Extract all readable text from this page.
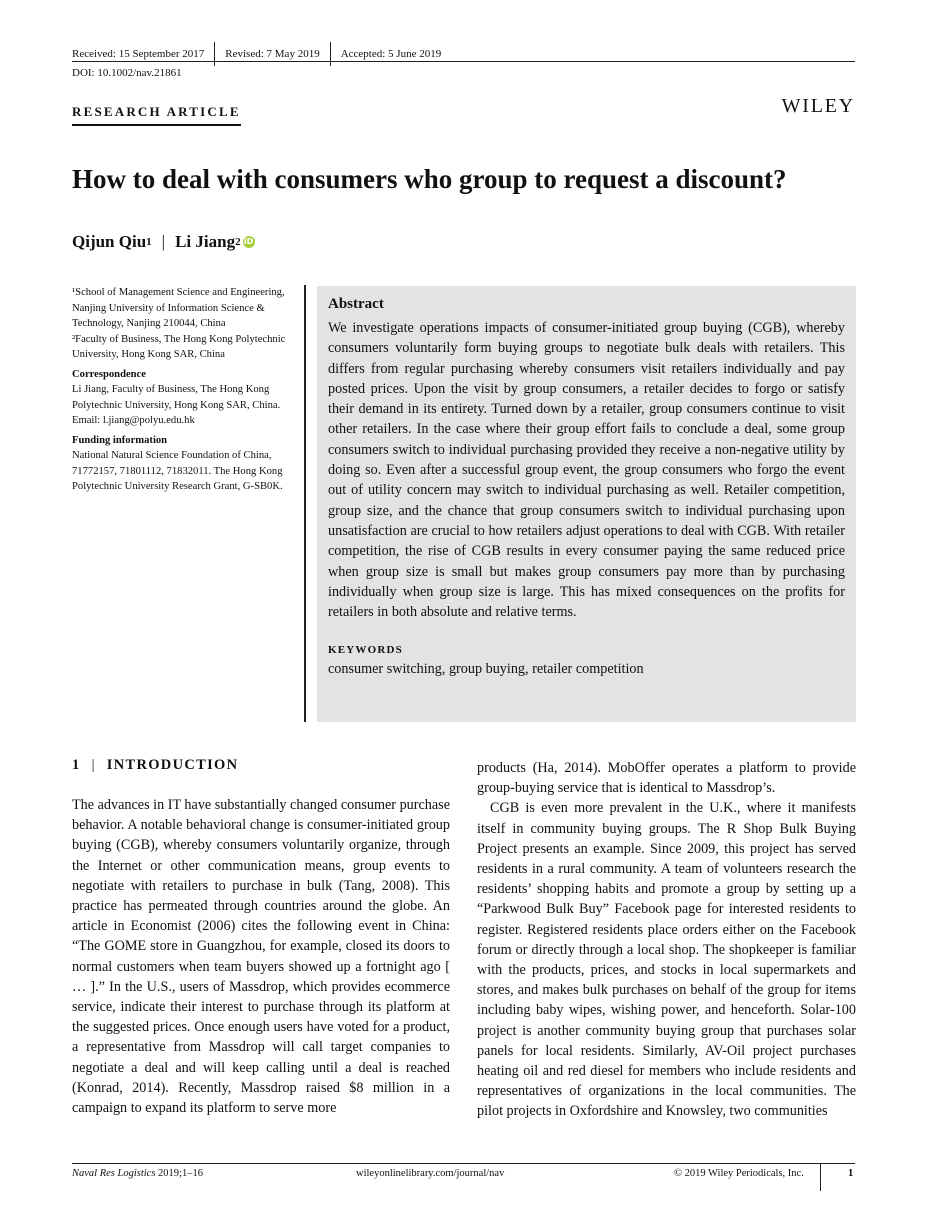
Received: 15 September 2017	Revised: 7 May 2019	Accepted: 5 June 2019
DOI: 10.1002/nav.21861
RESEARCH ARTICLE	WILEY
How to deal with consumers who group to request a discount?
Qijun Qiu 1 | Li Jiang 2 iD

¹School of Management Science and Engineering, Nanjing University of Information Science & Technology, Nanjing 210044, China

²Faculty of Business, The Hong Kong Polytechnic University, Hong Kong SAR, China

Correspondence

Li Jiang, Faculty of Business, The Hong Kong Polytechnic University, Hong Kong SAR, China.

Email: l.jiang@polyu.edu.hk

Funding information

National Natural Science Foundation of China, 71772157, 71801112, 71832011. The Hong Kong Polytechnic University Research Grant, G-SB0K.

Abstract

We investigate operations impacts of consumer-initiated group buying (CGB), whereby consumers voluntarily form buying groups to negotiate bulk deals with retailers. This differs from regular purchasing whereby consumers visit retailers individually and pay posted prices. Upon the visit by group consumers, a retailer decides to forgo or satisfy their demand in its entirety. Turned down by a retailer, group consumers continue to visit other retailers. In the case where their group effort fails to conclude a deal, some group consumers switch to individual purchasing provided they receive a non-negative utility by doing so. Even after a successful group event, the group consumers who forgo the event out of utility concern may switch to individual purchasing as well. Retailer competition, group size, and the chance that group consumers switch to individual purchasing upon unsatisfaction are crucial to how retailers adjust operations to deal with CGB. With retailer competition, the rise of CGB results in every consumer paying the same reduced price when group size is small but makes group consumers pay more than by purchasing individually when group size is large. This has mixed consequences on the profits for retailers in both absolute and relative terms.

KEYWORDS

consumer switching, group buying, retailer competition

1 | INTRODUCTION

The advances in IT have substantially changed consumer purchase behavior. A notable behavioral change is consumer-initiated group buying (CGB), whereby consumers voluntarily organize, through the Internet or other communication means, group events to negotiate with retailers to purchase in bulk (Tang, 2008). This practice has permeated through countries around the globe. An article in Economist (2006) cites the following event in China: “The GOME store in Guangzhou, for example, closed its doors to normal customers when team buyers showed up a fortnight ago [ … ].” In the U.S., users of Massdrop, which provides ecommerce service, indicate their interest to purchase through its platform at the suggested prices. Once enough users have voted for a product, a representative from Massdrop will call target companies to negotiate a deal and will keep calling until a deal is reached (Konrad, 2014). Recently, Massdrop raised $8 million in a campaign to expand its platform to serve more

products (Ha, 2014). MobOffer operates a platform to provide group-buying service that is identical to Massdrop’s.

CGB is even more prevalent in the U.K., where it manifests itself in community buying groups. The R Shop Bulk Buying Project presents an example. Since 2009, this project has served residents in a rural community. A team of volunteers research the residents’ shopping habits and promote a group by setting up a “Parkwood Bulk Buy” Facebook page for interested residents to register. Registered residents place orders either on the Facebook forum or directly through a local shop. The shopkeeper is familiar with the products, prices, and stocks in local supermarkets and stores, and makes bulk purchases on behalf of the group for items including baby wipes, wishing power, and henceforth. Solar-100 project is another community buying group that purchases solar panels for local residents. Similarly, AV-Oil project purchases heating oil and red diesel for members who include residents and representatives of organizations in the local communities. The pilot projects in Oxfordshire and Knowsley, two communities

Naval Res Logistics 2019;1–16	wileyonlinelibrary.com/journal/nav	© 2019 Wiley Periodicals, Inc.	1
